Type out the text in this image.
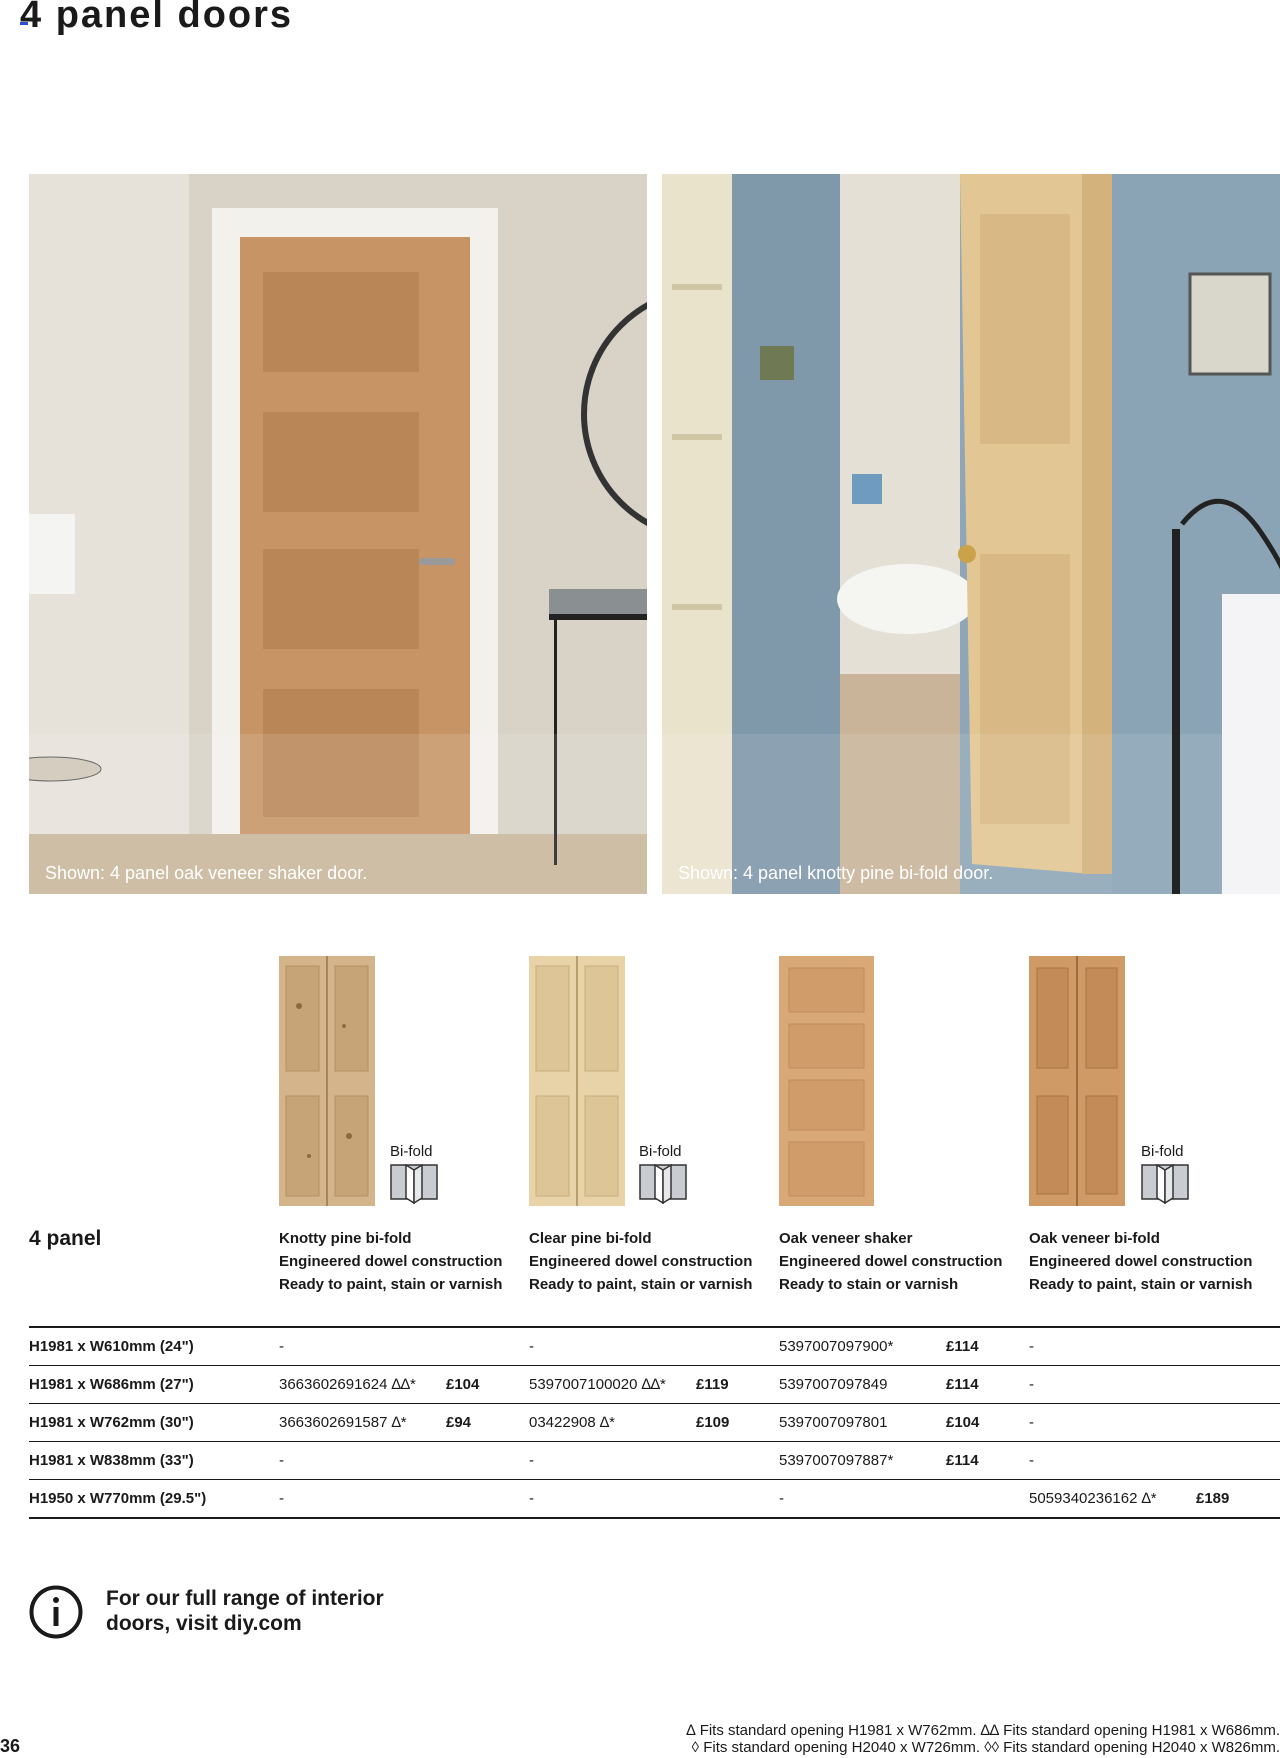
4 panel doors
Shown: 4 panel oak veneer shaker door.	Shown: 4 panel knotty pine bi-fold door.
Bi-fold	Bi-fold	Bi-fold
4 panel	Knotty pine bi-fold
Engineered dowel construction
Ready to paint, stain or varnish
Clear pine bi-fold
Engineered dowel construction
Ready to paint, stain or varnish
Oak veneer shaker
Engineered dowel construction
Ready to stain or varnish
Oak veneer bi-fold
Engineered dowel construction
Ready to paint, stain or varnish
H1981 x W610mm (24")	-	-	5397007097900*	£114	-
H1981 x W686mm (27")	3663602691624 ∆∆* £104	5397007100020 ∆∆* £119	5397007097849	£114	-
H1981 x W762mm (30")	3663602691587 ∆*	£94	03422908 ∆*	£109	5397007097801	£104	-
H1981 x W838mm (33")	-	-	5397007097887*	£114	-
H1950 x W770mm (29.5")	-	-	-	5059340236162 ∆*	£189
For our full range of interior
doors, visit diy.com
36
∆ Fits standard opening H1981 x W762mm. ∆∆ Fits standard opening H1981 x W686mm.
◊ Fits standard opening H2040 x W726mm. ◊◊ Fits standard opening H2040 x W826mm.
